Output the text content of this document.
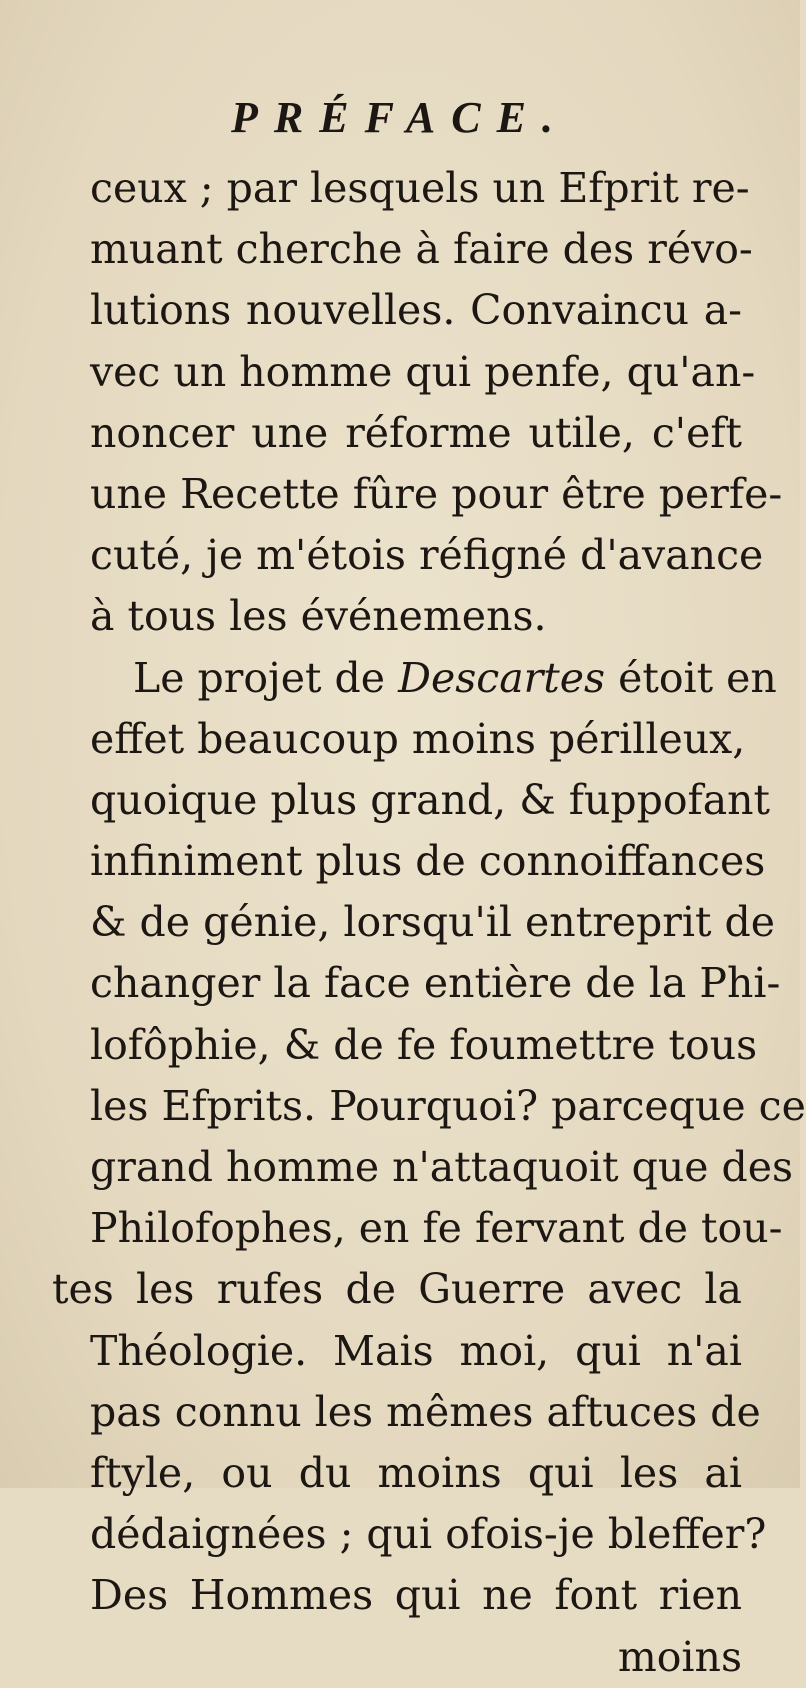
PRÉFACE.
ceux ; par lesquels un Efprit re-
muant cherche à faire des révo-
lutions nouvelles. Convaincu a-
vec un homme qui penfe, qu'an-
noncer une réforme utile, c'eft
une Recette fûre pour être perfe-
cuté, je m'étois réfigné d'avance
à tous les événemens.
Le projet de Descartes étoit en
effet beaucoup moins périlleux,
quoique plus grand, & fuppofant
infiniment plus de connoiffances
& de génie, lorsqu'il entreprit de
changer la face entière de la Phi-
lofôphie, & de fe foumettre tous
les Efprits. Pourquoi? parceque ce
grand homme n'attaquoit que des
Philofophes, en fe fervant de tou-
tes les rufes de Guerre avec la
Théologie. Mais moi, qui n'ai
pas connu les mêmes aftuces de
ftyle, ou du moins qui les ai
dédaignées ; qui ofois-je bleffer?
Des Hommes qui ne font rien
moins
